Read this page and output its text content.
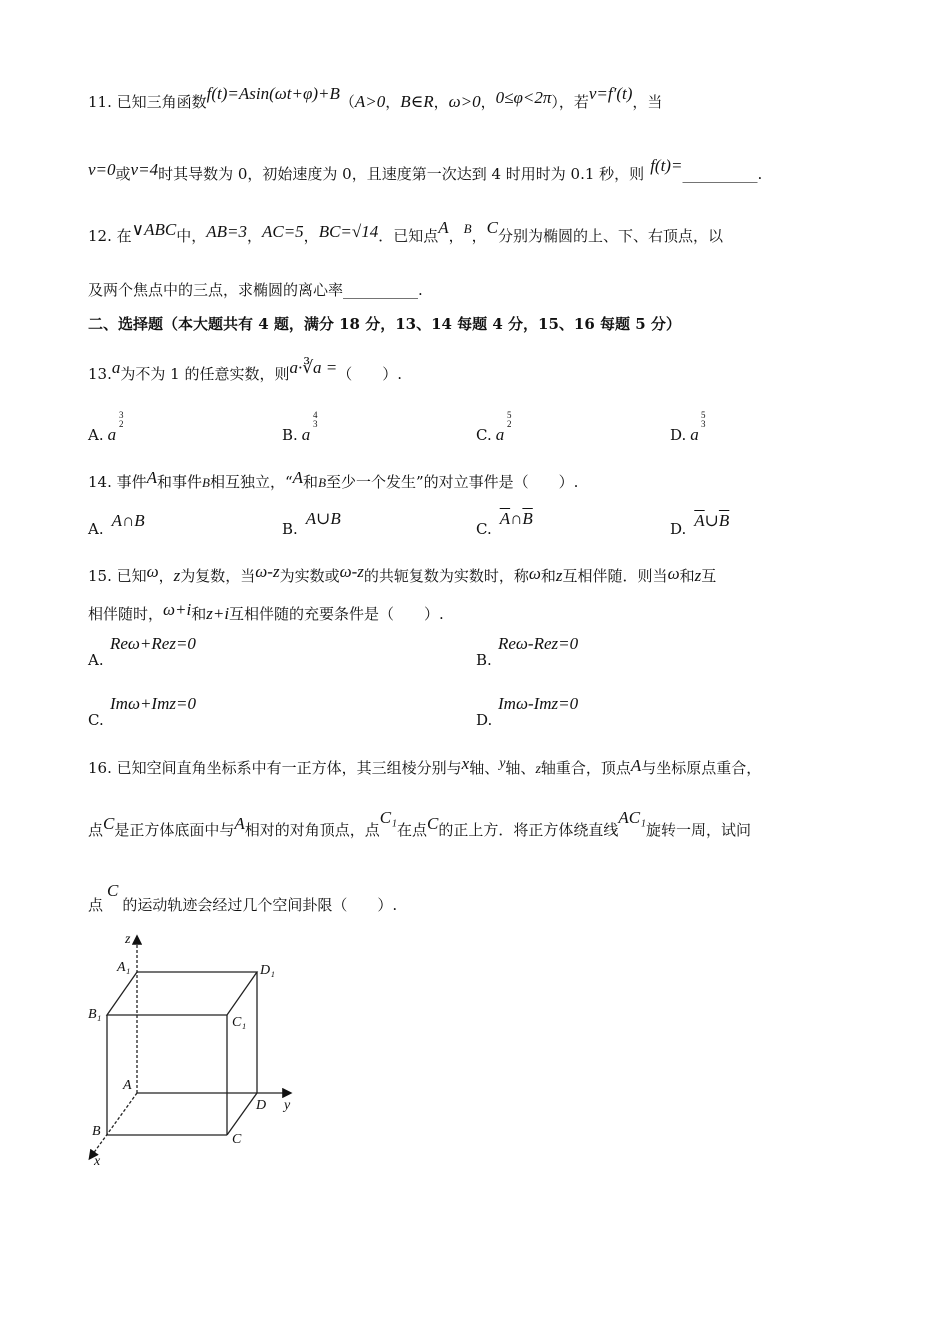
11. 已知三角函数f(t)=Asin(ωt+φ)+B（A>0，B∈R，ω>0，0≤φ<2π），若v=f′(t)，当
v=0或v=4时其导数为 0，初始速度为 0，且速度第一次达到 4 时用时为 0.1 秒，则 f(t)=__________.
12. 在∨ABC中，AB=3，AC=5，BC=√14．已知点A，B，C分别为椭圆的上、下、右顶点，以
及两个焦点中的三点，求椭圆的离心率__________.
二、选择题（本大题共有 4 题，满分 18 分，13、14 每题 4 分，15、16 每题 5 分）
13.a为不为 1 的任意实数，则a·∛a =（　　）.
A. a
3
2
B. a
4
3
C. a
5
2
D. a
5
3
14. 事件A和事件B相互独立，“A和B至少一个发生”的对立事件是（　　）.
A. A∩B	B.A∪B
$C.\overline{A}\cap\overline{B}$
D. $\overline{A}\cup\overline{B}$
15. 已知ω，z为复数，当ω-z为实数或ω-z的共轭复数为实数时，称ω和z互相伴随．则当ω和z互
相伴随时，ω+i和z+i互相伴随的充要条件是（　　）.
Reω+Rez=0
A.
Reω-Rez=0
B.
Imω+Imz=0
C.
Imω-Imz=0
D.
16. 已知空间直角坐标系中有一正方体，其三组棱分别与x轴、y轴、z轴重合，顶点A与坐标原点重合，
点C是正方体底面中与A相对的对角顶点，点C₁在点C的正上方．将正方体绕直线AC₁旋转一周，试问
点C的运动轨迹会经过几个空间卦限（　　）.
z
y
x
A₁	D₁
B₁
C₁
A
D
B
C
